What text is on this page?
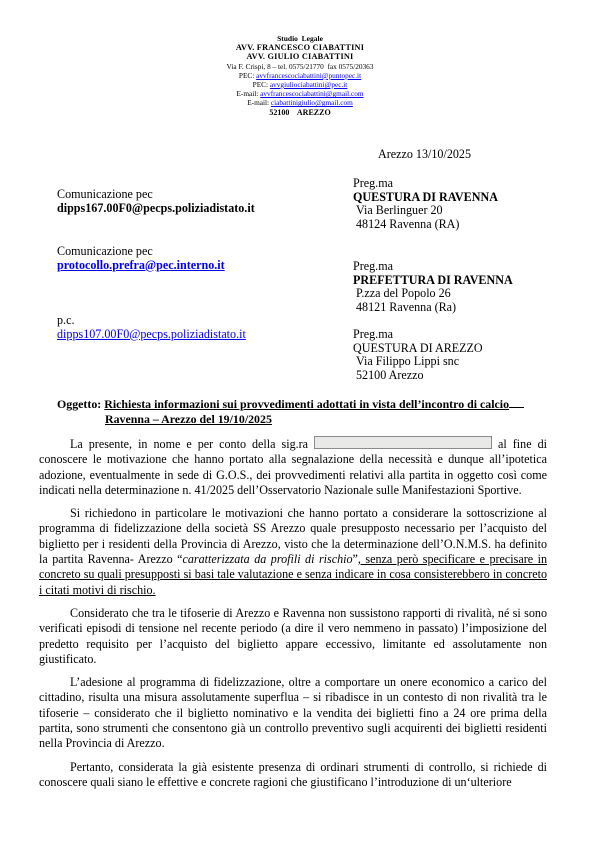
Studio  Legale
AVV. FRANCESCO CIABATTINI
AVV. GIULIO CIABATTINI
Via F. Crispi, 8 – tel. 0575/21770  fax 0575/20363
PEC: avvfrancescociabattini@puntopec.it
PEC: avvgiuliociabattini@pec.it
E-mail: avvfrancescociabattini@gmail.com
E-mail: ciabattinigiulio@gmail.com
52100    AREZZO
Arezzo 13/10/2025
Comunicazione pec
dipps167.00F0@pecps.poliziadistato.it
Comunicazione pec
protocollo.prefra@pec.interno.it
p.c.
dipps107.00F0@pecps.poliziadistato.it
Preg.ma
QUESTURA DI RAVENNA
Via Berlinguer 20
48124 Ravenna (RA)
Preg.ma
PREFETTURA DI RAVENNA
P.zza del Popolo 26
48121 Ravenna (Ra)
Preg.ma
QUESTURA DI AREZZO
Via Filippo Lippi snc
52100 Arezzo
Oggetto: Richiesta informazioni sui provvedimenti adottati in vista dell’incontro di calcio
Ravenna – Arezzo del 19/10/2025

La presente, in nome e per conto della sig.ra	al fine di conoscere le motivazione che hanno portato alla segnalazione della necessità e dunque all’ipotetica adozione, eventualmente in sede di G.O.S., dei provvedimenti relativi alla partita in oggetto così come indicati nella determinazione n. 41/2025 dell’Osservatorio Nazionale sulle Manifestazioni Sportive.

Si richiedono in particolare le motivazioni che hanno portato a considerare la sottoscrizione al programma di fidelizzazione della società SS Arezzo quale presupposto necessario per l’acquisto del biglietto per i residenti della Provincia di Arezzo, visto che la determinazione dell’O.N.M.S. ha definito la partita Ravenna- Arezzo “caratterizzata da profili di rischio”, senza però specificare e precisare in concreto su quali presupposti si basi tale valutazione e senza indicare in cosa consisterebbero in concreto i citati motivi di rischio.

Considerato che tra le tifoserie di Arezzo e Ravenna non sussistono rapporti di rivalità, né si sono verificati episodi di tensione nel recente periodo (a dire il vero nemmeno in passato) l’imposizione del predetto requisito per l’acquisto del biglietto appare eccessivo, limitante ed assolutamente non giustificato.

L’adesione al programma di fidelizzazione, oltre a comportare un onere economico a carico del cittadino, risulta una misura assolutamente superflua – si ribadisce in un contesto di non rivalità tra le tifoserie – considerato che il biglietto nominativo e la vendita dei biglietti fino a 24 ore prima della partita, sono strumenti che consentono già un controllo preventivo sugli acquirenti dei biglietti residenti nella Provincia di Arezzo.

Pertanto, considerata la già esistente presenza di ordinari strumenti di controllo, si richiede di conoscere quali siano le effettive e concrete ragioni che giustificano l’introduzione di un‘ulteriore
